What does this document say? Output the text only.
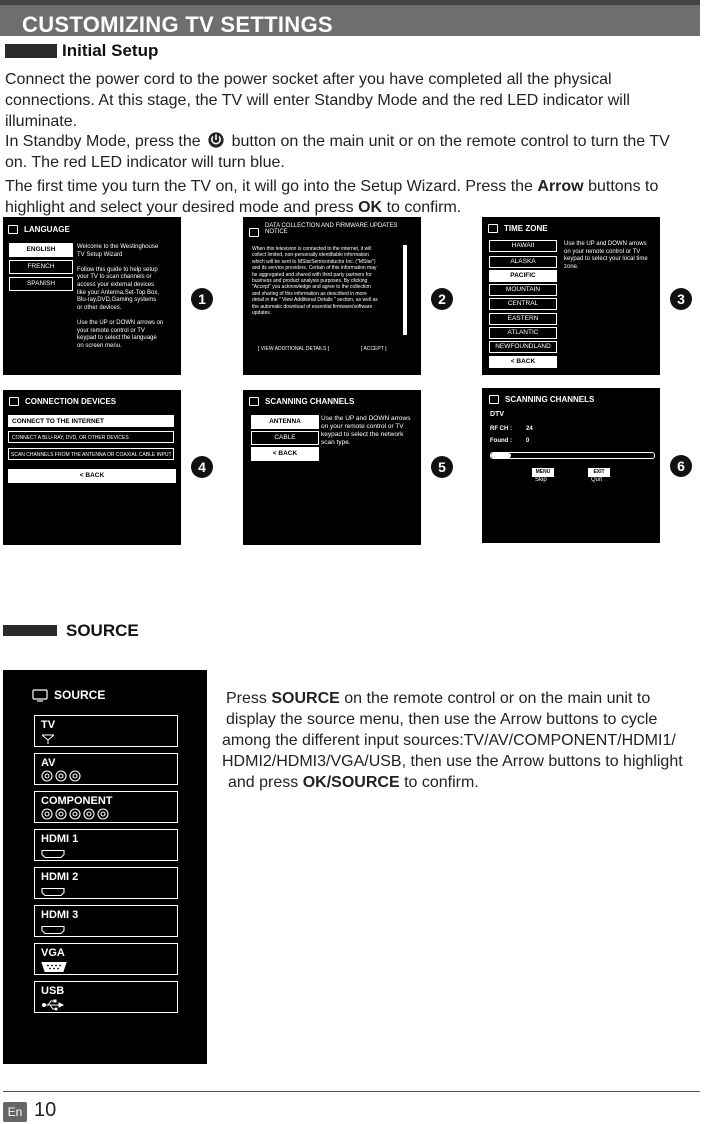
CUSTOMIZING TV SETTINGS
Initial Setup
Connect the power cord to the power socket after you have completed all the physical
connections. At this stage, the TV will enter Standby Mode and the red LED indicator will
illuminate.
In Standby Mode, press the button on the main unit or on the remote control to turn the TV
on. The red LED indicator will turn blue.
The first time you turn the TV on, it will go into the Setup Wizard. Press the Arrow buttons to
highlight and select your desired mode and press OK to confirm.
LANGUAGE
ENGLISH
FRENCH
SPANISH
Welcome to the Westinghouse
TV Setup Wizard

Follow this guide to help setup
your TV to scan channels or
access your external devices
like your Antenna,Set-Top Box,
Blu-ray,DVD,Gaming systems
or other devices.

Use the UP or DOWN arrows on
your remote control or TV
keypad to select the language
on screen menu.
1
DATA COLLECTION AND FIRMWARE UPDATES
NOTICE
When this television is connected to the internet, it will
collect limited, non-personally identifiable information
which will be sent to MStarSemiconductor Inc. ("MStar")
and its service providers. Certain of this information may
be aggregated and shared with third party partners for
business and product analysis purposes. By clicking
"Accept" you acknowledge and agree to the collection
and sharing of this information as described in more
detail in the " View Additional Details " section, as well as
the automatic download of essential firmware/software
updates.
[ VIEW ADDITIONAL DETAILS ]	[ ACCEPT ]
2
TIME ZONE
HAWAII
ALASKA
PACIFIC
MOUNTAIN
CENTRAL
EASTERN
ATLANTIC
NEWFOUNDLAND
< BACK
Use the UP and DOWN arrows
on your remote control or TV
keypad to select your local time
zone.
3
CONNECTION DEVICES
CONNECT TO THE INTERNET
CONNECT A BLU-RAY, DVD, OR OTHER DEVICES
SCAN CHANNELS FROM THE ANTENNA OR COAXIAL CABLE INPUT
< BACK
4
SCANNING CHANNELS
ANTENNA
CABLE
< BACK
Use the UP and DOWN arrows
on your remote control or TV
keypad to select the network
scan type.
5
SCANNING CHANNELS
DTV
RF CH : 24
Found : 0
MENU
Skip
EXIT
Quit
6
SOURCE
SOURCE
TV
AV
COMPONENT
HDMI 1
HDMI 2
HDMI 3
VGA
USB
Press SOURCE on the remote control or on the main unit to
display the source menu, then use the Arrow buttons to cycle
among the different input sources:TV/AV/COMPONENT/HDMI1/
HDMI2/HDMI3/VGA/USB, then use the Arrow buttons to highlight
and press OK/SOURCE to confirm.
En 10
